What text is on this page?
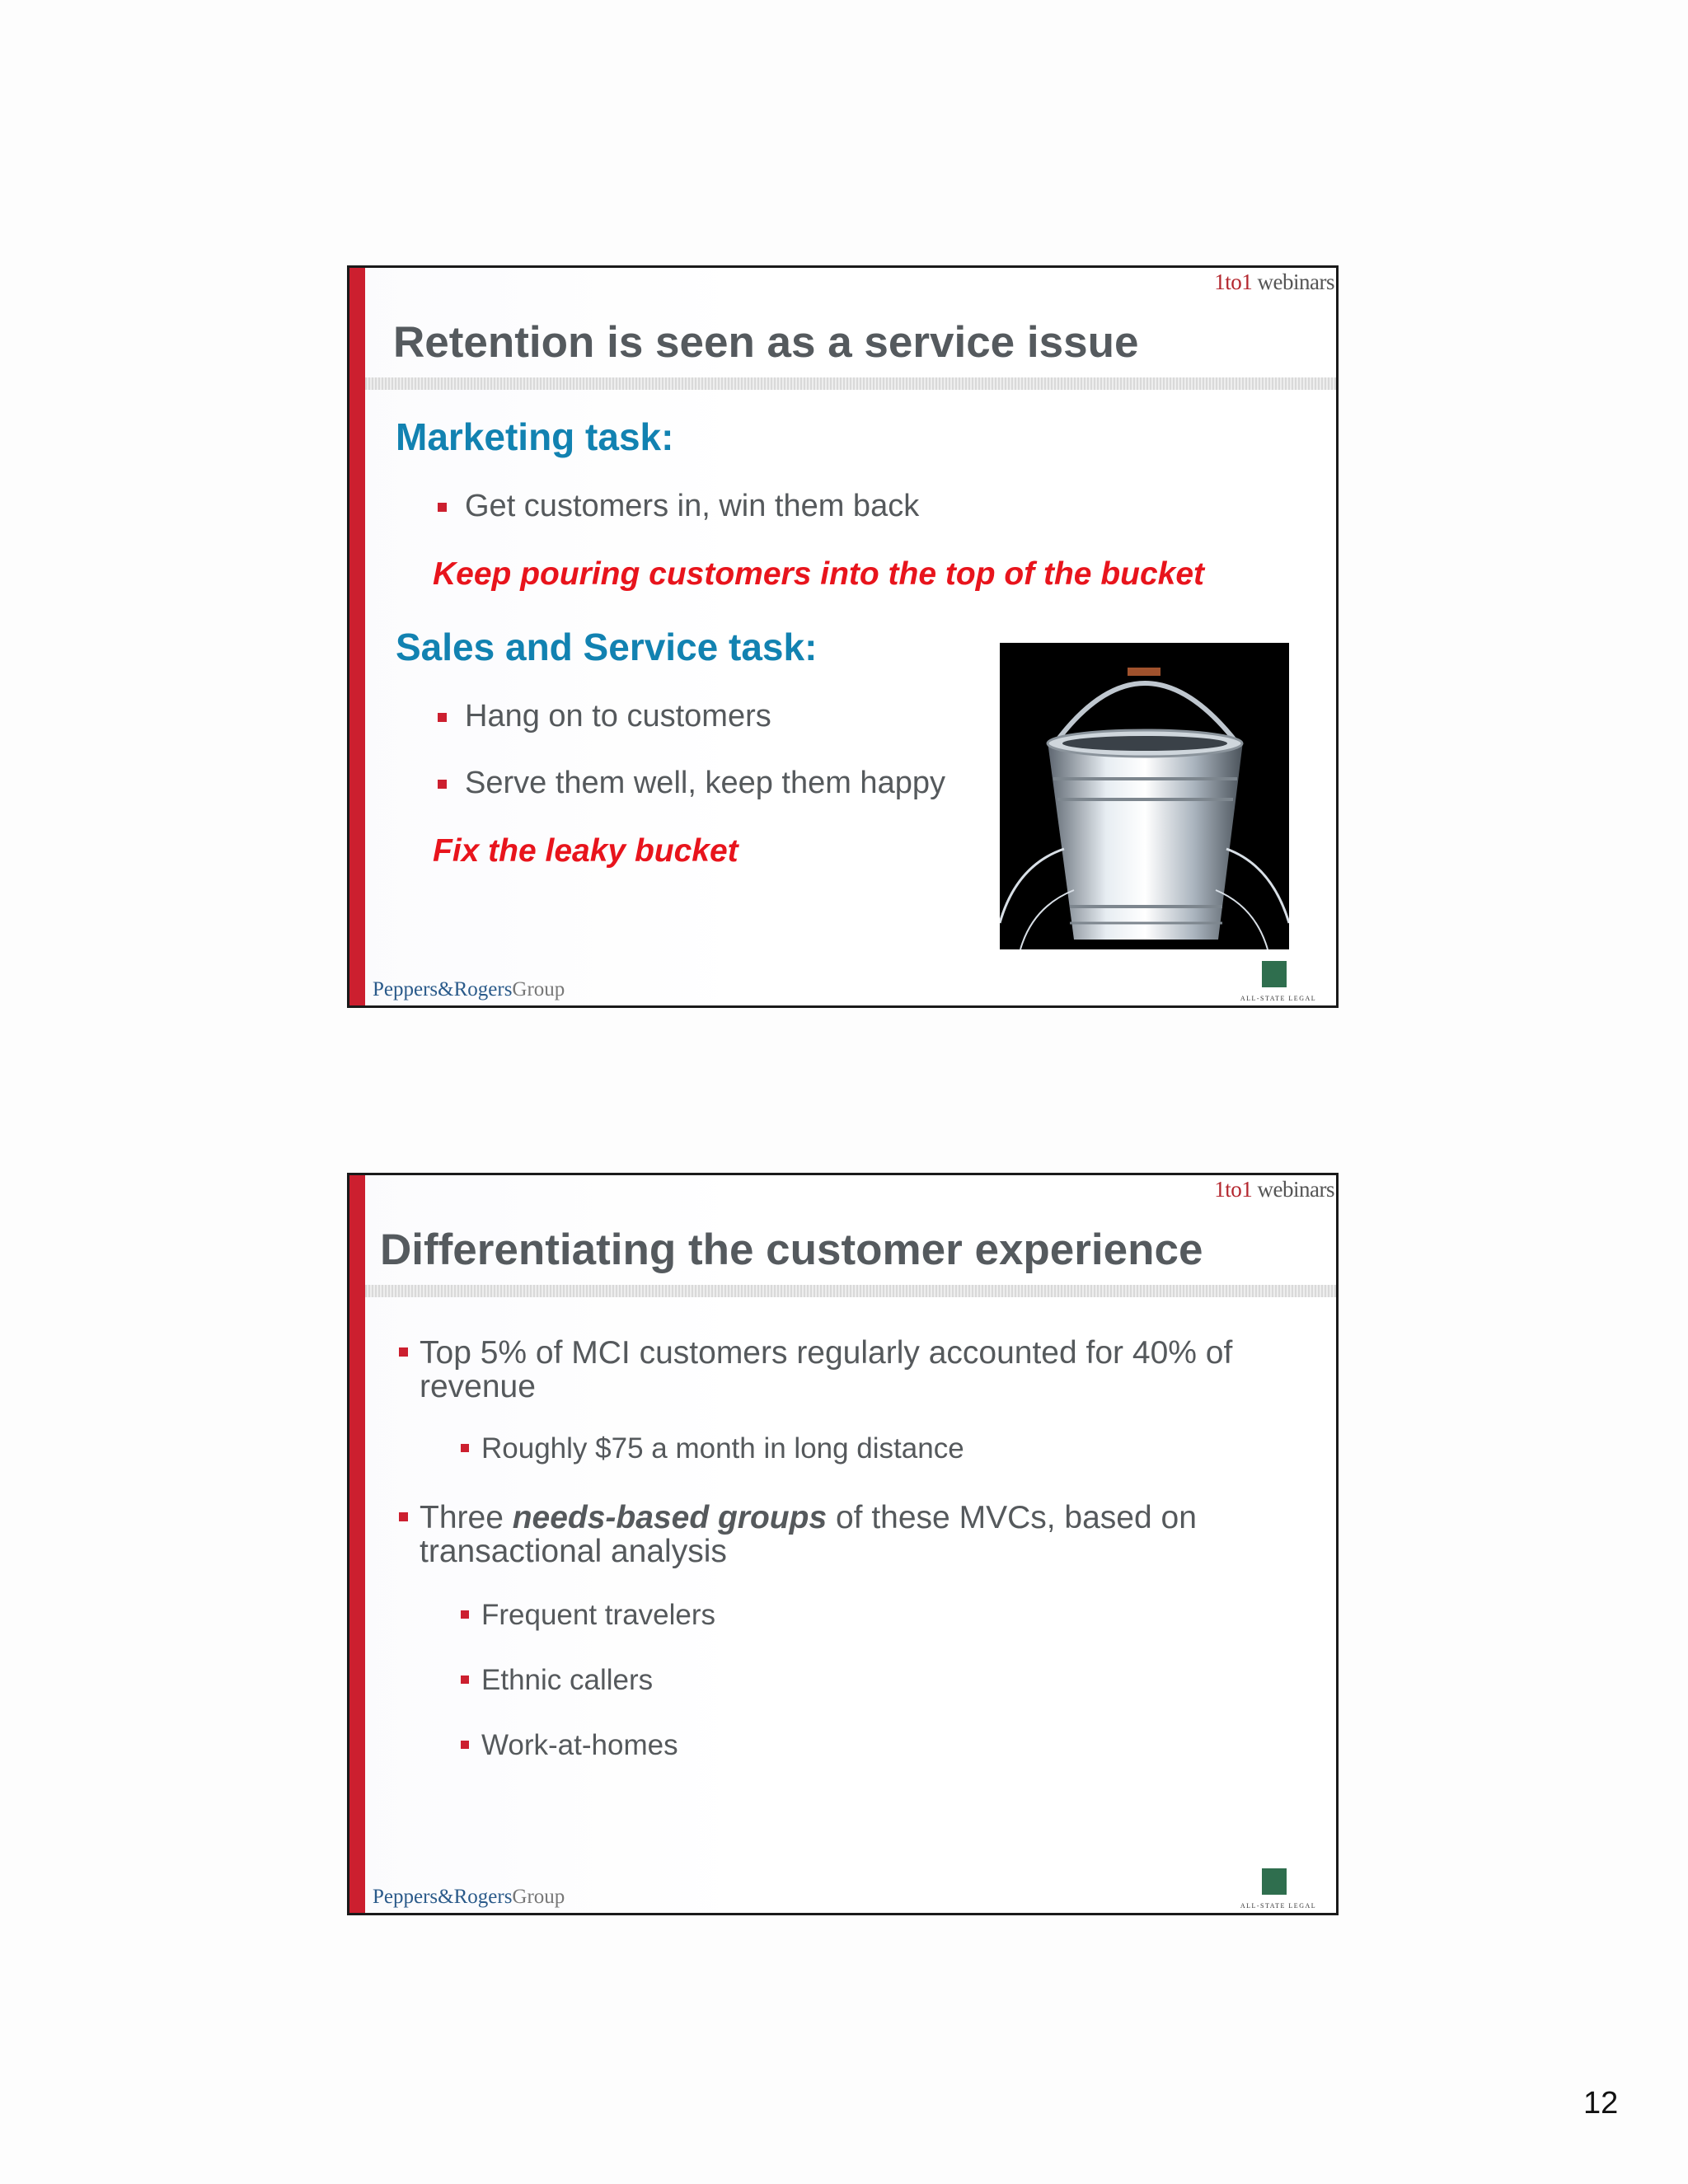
1to1 webinars
Retention is seen as a service issue
Marketing task:
Get customers in, win them back
Keep pouring customers into the top of the bucket
Sales and Service task:
Hang on to customers
Serve them well, keep them happy
Fix the leaky bucket
Peppers&RogersGroup	ALL-STATE LEGAL
1to1 webinars
Differentiating the customer experience
Top 5% of MCI customers regularly accounted for 40% of revenue
Roughly $75 a month in long distance
Three needs-based groups of these MVCs, based on transactional analysis
Frequent travelers
Ethnic callers
Work-at-homes
Peppers&RogersGroup	ALL-STATE LEGAL
12
